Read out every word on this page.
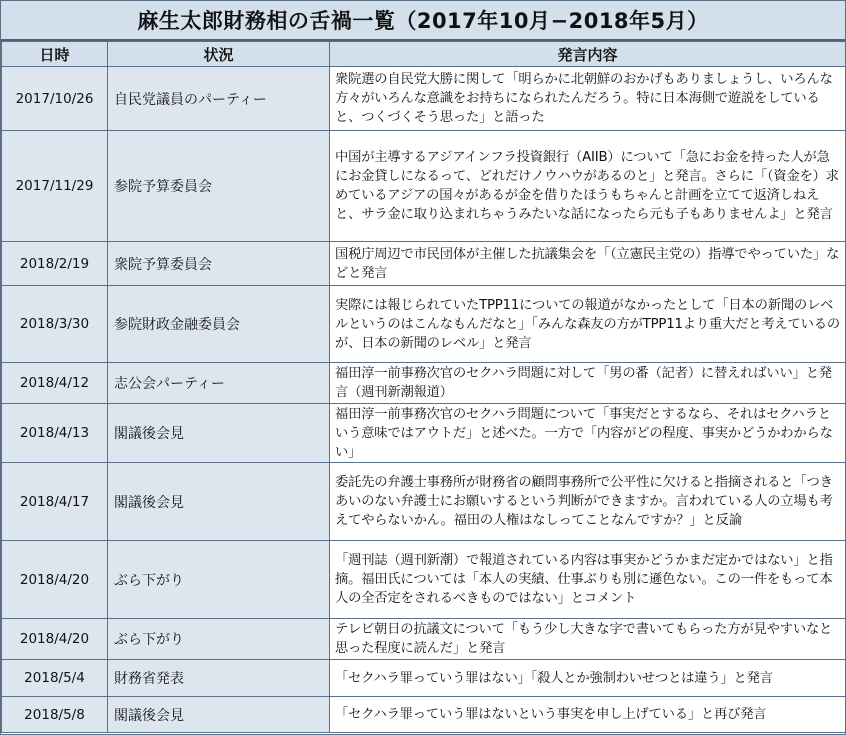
麻生太郎財務相の舌禍一覧（2017年10月−2018年5月）
日時	状況	発言内容
2017/10/26	自民党議員のパーティー	衆院選の自民党大勝に関して「明らかに北朝鮮のおかげもありましょうし、いろんな方々がいろんな意識をお持ちになられたんだろう。特に日本海側で遊説をしていると、つくづくそう思った」と語った
2017/11/29	参院予算委員会	中国が主導するアジアインフラ投資銀行（AIIB）について「急にお金を持った人が急にお金貸しになるって、どれだけノウハウがあるのと」と発言。さらに「（資金を）求めているアジアの国々があるが金を借りたほうもちゃんと計画を立てて返済しねえと、サラ金に取り込まれちゃうみたいな話になったら元も子もありませんよ」と発言
2018/2/19	衆院予算委員会	国税庁周辺で市民団体が主催した抗議集会を「（立憲民主党の）指導でやっていた」などと発言
2018/3/30	参院財政金融委員会	実際には報じられていたTPP11についての報道がなかったとして「日本の新聞のレベルというのはこんなもんだなと」「みんな森友の方がTPP11より重大だと考えているのが、日本の新聞のレベル」と発言
2018/4/12	志公会パーティー	福田淳一前事務次官のセクハラ問題に対して「男の番（記者）に替えればいい」と発言（週刊新潮報道）
2018/4/13	閣議後会見	福田淳一前事務次官のセクハラ問題について「事実だとするなら、それはセクハラという意味ではアウトだ」と述べた。一方で「内容がどの程度、事実かどうかわからない」
2018/4/17	閣議後会見	委託先の弁護士事務所が財務省の顧問事務所で公平性に欠けると指摘されると「つきあいのない弁護士にお願いするという判断ができますか。言われている人の立場も考えてやらないかん。福田の人権はなしってことなんですか？」と反論
2018/4/20	ぶら下がり	「週刊誌（週刊新潮）で報道されている内容は事実かどうかまだ定かではない」と指摘。福田氏については「本人の実績、仕事ぶりも別に遜色ない。この一件をもって本人の全否定をされるべきものではない」とコメント
2018/4/20	ぶら下がり	テレビ朝日の抗議文について「もう少し大きな字で書いてもらった方が見やすいなと思った程度に読んだ」と発言
2018/5/4	財務省発表	「セクハラ罪っていう罪はない」「殺人とか強制わいせつとは違う」と発言
2018/5/8	閣議後会見	「セクハラ罪っていう罪はないという事実を申し上げている」と再び発言
